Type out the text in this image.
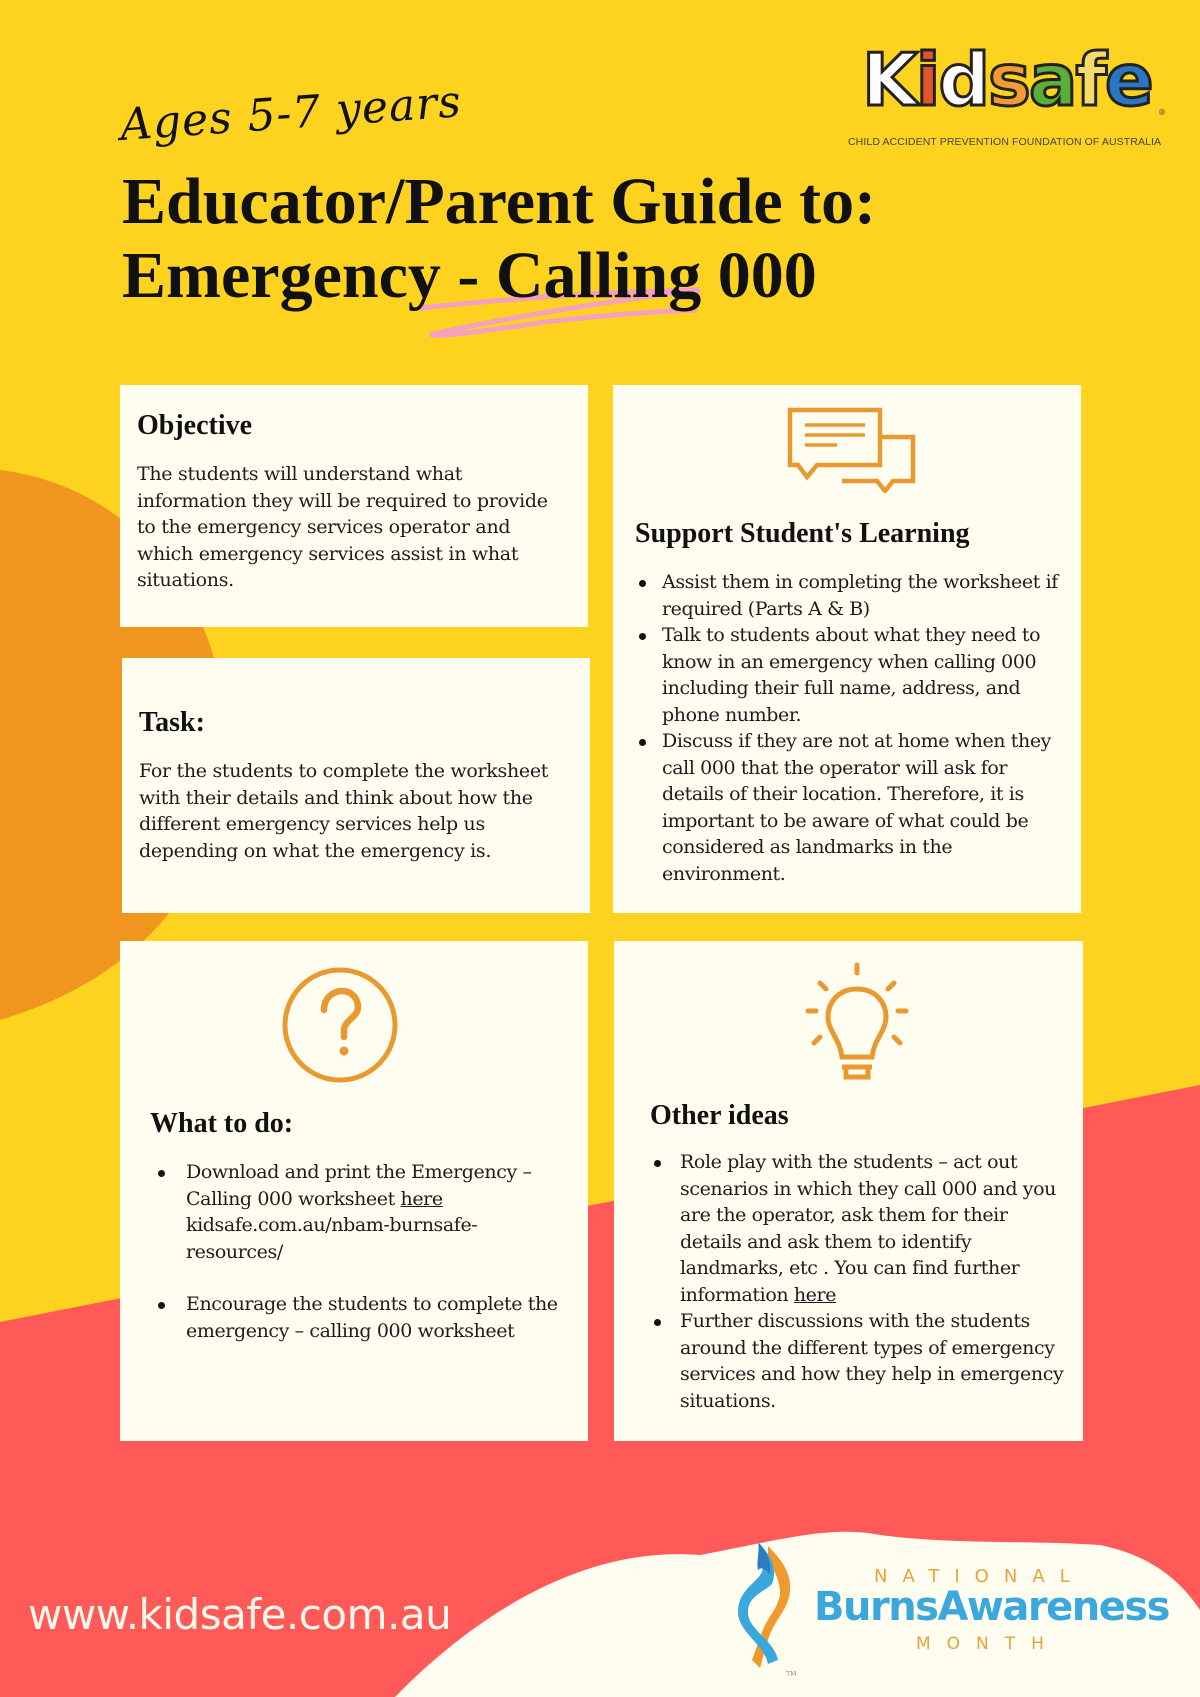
Ages 5-7 years
Educator/Parent Guide to:
Emergency - Calling 000
K i d s a f e ®
CHILD ACCIDENT PREVENTION FOUNDATION OF AUSTRALIA
Objective

The students will understand what information they will be required to provide to the emergency services operator and which emergency services assist in what situations.

Task:

For the students to complete the worksheet with their details and think about how the different emergency services help us depending on what the emergency is.

Support Student's Learning
Assist them in completing the worksheet if required (Parts A & B)
Talk to students about what they need to know in an emergency when calling 000 including their full name, address, and phone number.
Discuss if they are not at home when they call 000 that the operator will ask for details of their location. Therefore, it is important to be aware of what could be considered as landmarks in the environment.
What to do:
Download and print the Emergency – Calling 000 worksheet here
kidsafe.com.au/nbam-burnsafe-resources/
Encourage the students to complete the emergency – calling 000 worksheet
Other ideas
Role play with the students – act out scenarios in which they call 000 and you are the operator, ask them for their details and ask them to identify landmarks, etc . You can find further information here
Further discussions with the students around the different types of emergency services and how they help in emergency situations.
www.kidsafe.com.au
TM
NATIONAL
BurnsAwareness
MONTH
